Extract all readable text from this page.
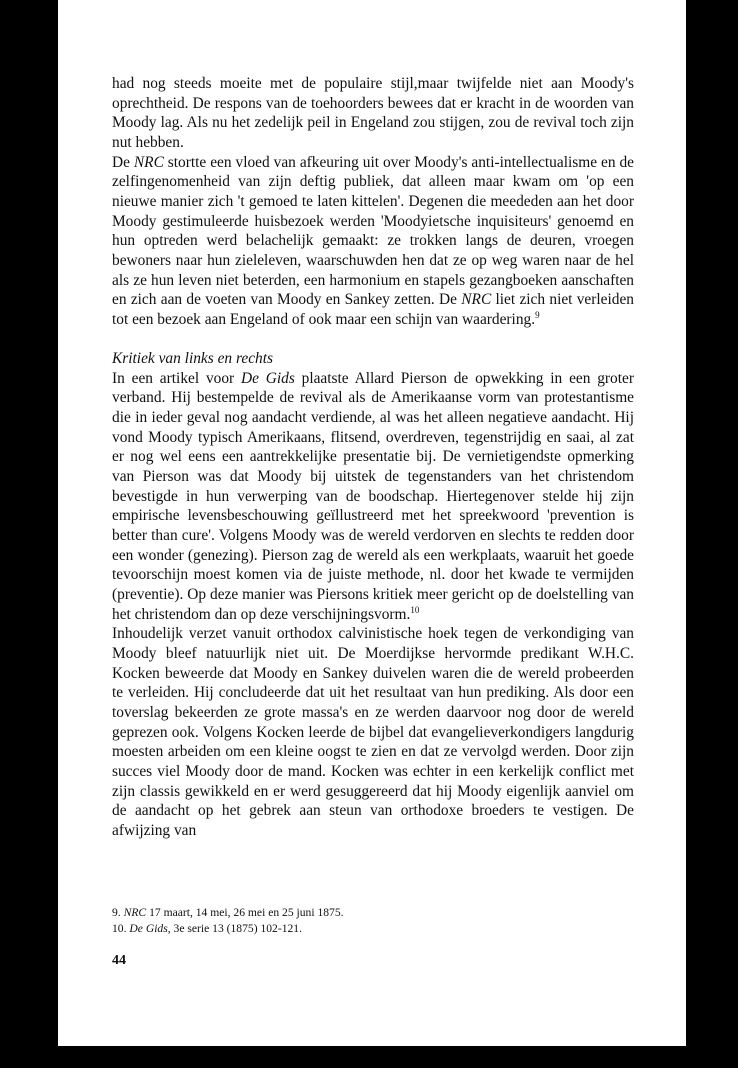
had nog steeds moeite met de populaire stijl,maar twijfelde niet aan Moody's oprechtheid. De respons van de toehoorders bewees dat er kracht in de woorden van Moody lag. Als nu het zedelijk peil in Engeland zou stijgen, zou de revival toch zijn nut hebben.

De NRC stortte een vloed van afkeuring uit over Moody's anti-intellectualisme en de zelfingenomenheid van zijn deftig publiek, dat alleen maar kwam om 'op een nieuwe manier zich 't gemoed te laten kittelen'. Degenen die meededen aan het door Moody gestimuleerde huisbezoek werden 'Moodyietsche inquisiteurs' genoemd en hun optreden werd belachelijk gemaakt: ze trokken langs de deuren, vroegen bewoners naar hun zieleleven, waarschuwden hen dat ze op weg waren naar de hel als ze hun leven niet beterden, een harmonium en stapels gezangboeken aanschaften en zich aan de voeten van Moody en Sankey zetten. De NRC liet zich niet verleiden tot een bezoek aan Engeland of ook maar een schijn van waardering.$^9$

Kritiek van links en rechts

In een artikel voor De Gids plaatste Allard Pierson de opwekking in een groter verband. Hij bestempelde de revival als de Amerikaanse vorm van protestantisme die in ieder geval nog aandacht verdiende, al was het alleen negatieve aandacht. Hij vond Moody typisch Amerikaans, flitsend, overdreven, tegenstrijdig en saai, al zat er nog wel eens een aantrekkelijke presentatie bij. De vernietigendste opmerking van Pierson was dat Moody bij uitstek de tegenstanders van het christendom bevestigde in hun verwerping van de boodschap. Hiertegenover stelde hij zijn empirische levensbeschouwing geïllustreerd met het spreekwoord 'prevention is better than cure'. Volgens Moody was de wereld verdorven en slechts te redden door een wonder (genezing). Pierson zag de wereld als een werkplaats, waaruit het goede tevoorschijn moest komen via de juiste methode, nl. door het kwade te vermijden (preventie). Op deze manier was Piersons kritiek meer gericht op de doelstelling van het christendom dan op deze verschijningsvorm.$^{10}$

Inhoudelijk verzet vanuit orthodox calvinistische hoek tegen de verkondiging van Moody bleef natuurlijk niet uit. De Moerdijkse hervormde predikant W.H.C. Kocken beweerde dat Moody en Sankey duivelen waren die de wereld probeerden te verleiden. Hij concludeerde dat uit het resultaat van hun prediking. Als door een toverslag bekeerden ze grote massa's en ze werden daarvoor nog door de wereld geprezen ook. Volgens Kocken leerde de bijbel dat evangelieverkondigers langdurig moesten arbeiden om een kleine oogst te zien en dat ze vervolgd werden. Door zijn succes viel Moody door de mand. Kocken was echter in een kerkelijk conflict met zijn classis gewikkeld en er werd gesuggereerd dat hij Moody eigenlijk aanviel om de aandacht op het gebrek aan steun van orthodoxe broeders te vestigen. De afwijzing van

9. NRC 17 maart, 14 mei, 26 mei en 25 juni 1875.

10. De Gids, 3e serie 13 (1875) 102-121.

44
